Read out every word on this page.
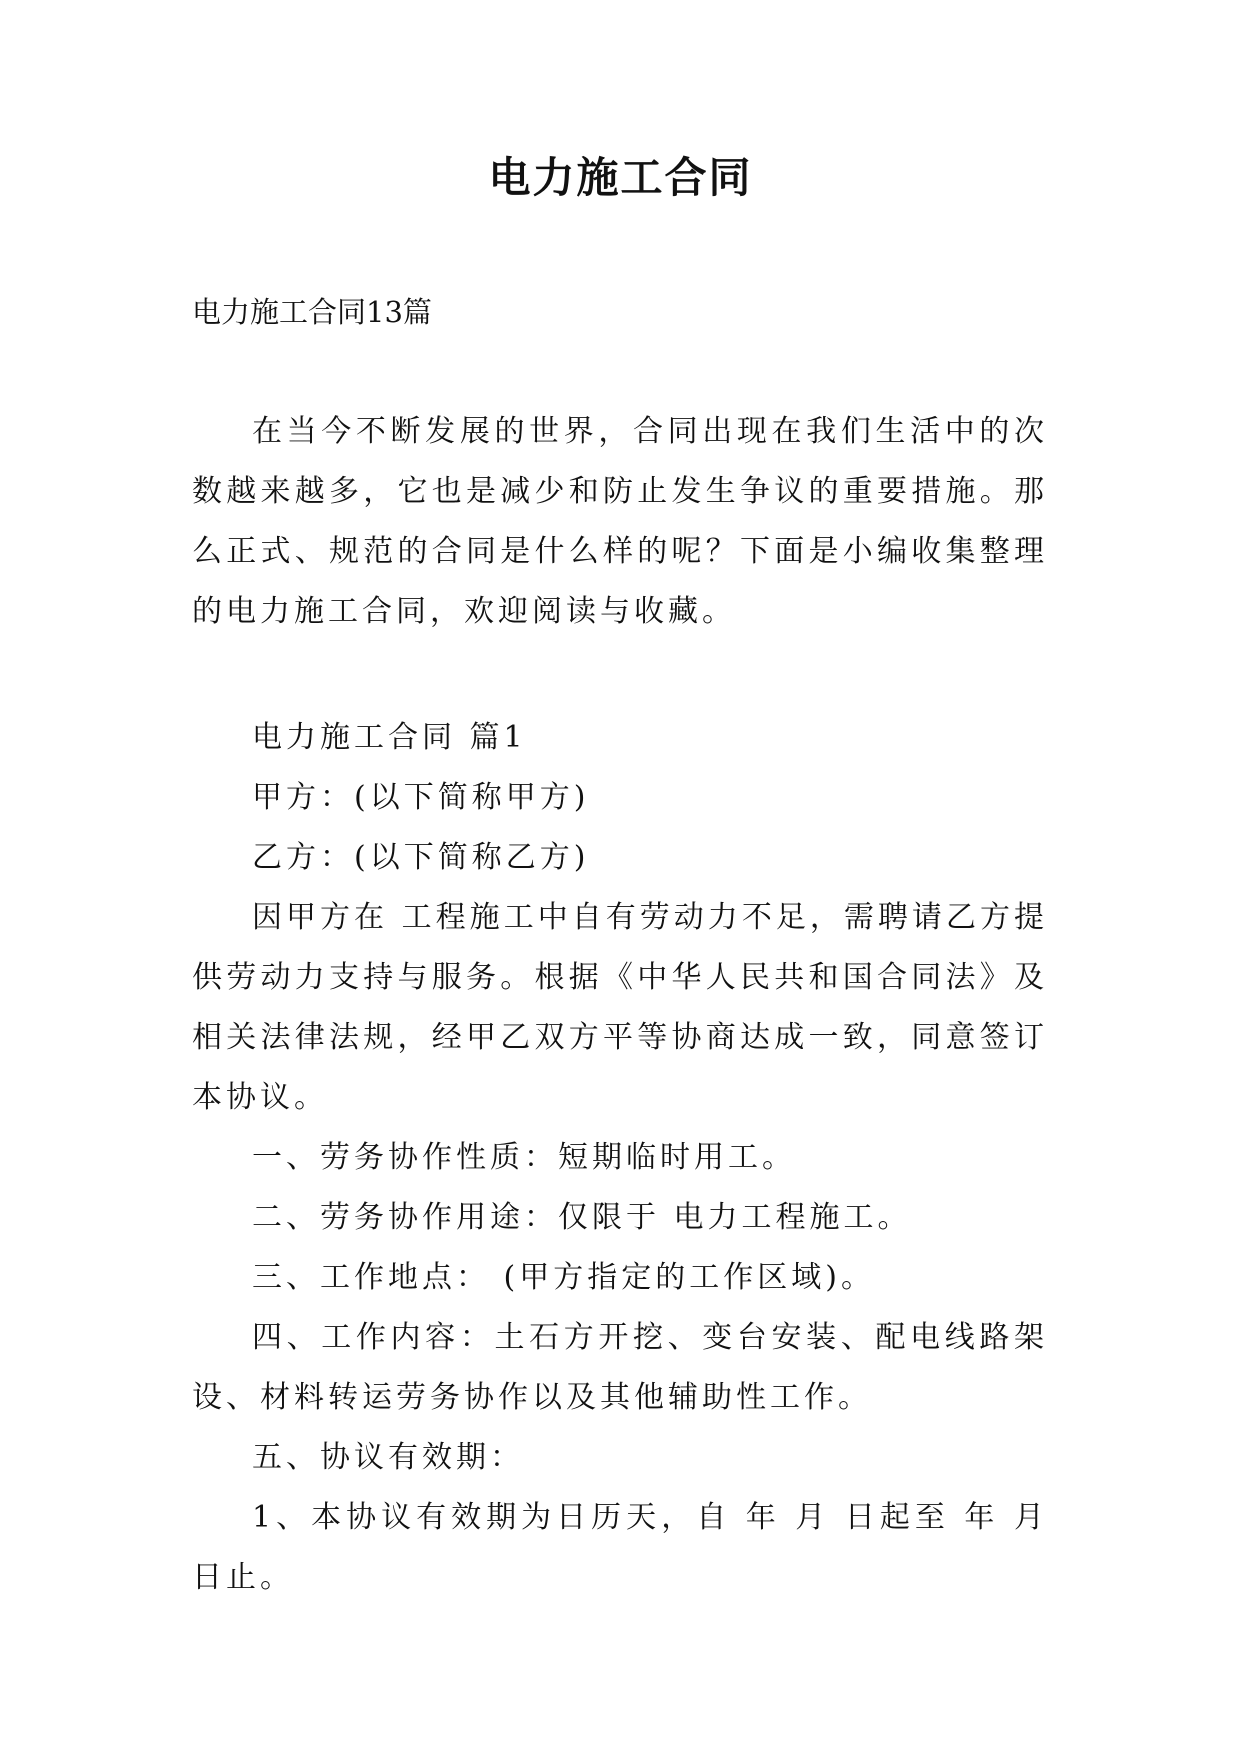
电力施工合同
电力施工合同13篇

在当今不断发展的世界，合同出现在我们生活中的次数越来越多，它也是减少和防止发生争议的重要措施。那么正式、规范的合同是什么样的呢？下面是小编收集整理的电力施工合同，欢迎阅读与收藏。

电力施工合同 篇1

甲方：(以下简称甲方)

乙方：(以下简称乙方)

因甲方在 工程施工中自有劳动力不足，需聘请乙方提供劳动力支持与服务。根据《中华人民共和国合同法》及相关法律法规，经甲乙双方平等协商达成一致，同意签订本协议。

一、劳务协作性质：短期临时用工。

二、劳务协作用途：仅限于 电力工程施工。

三、工作地点： (甲方指定的工作区域)。

四、工作内容：土石方开挖、变台安装、配电线路架设、材料转运劳务协作以及其他辅助性工作。

五、协议有效期：

1、本协议有效期为日历天，自 年 月 日起至 年 月日止。
